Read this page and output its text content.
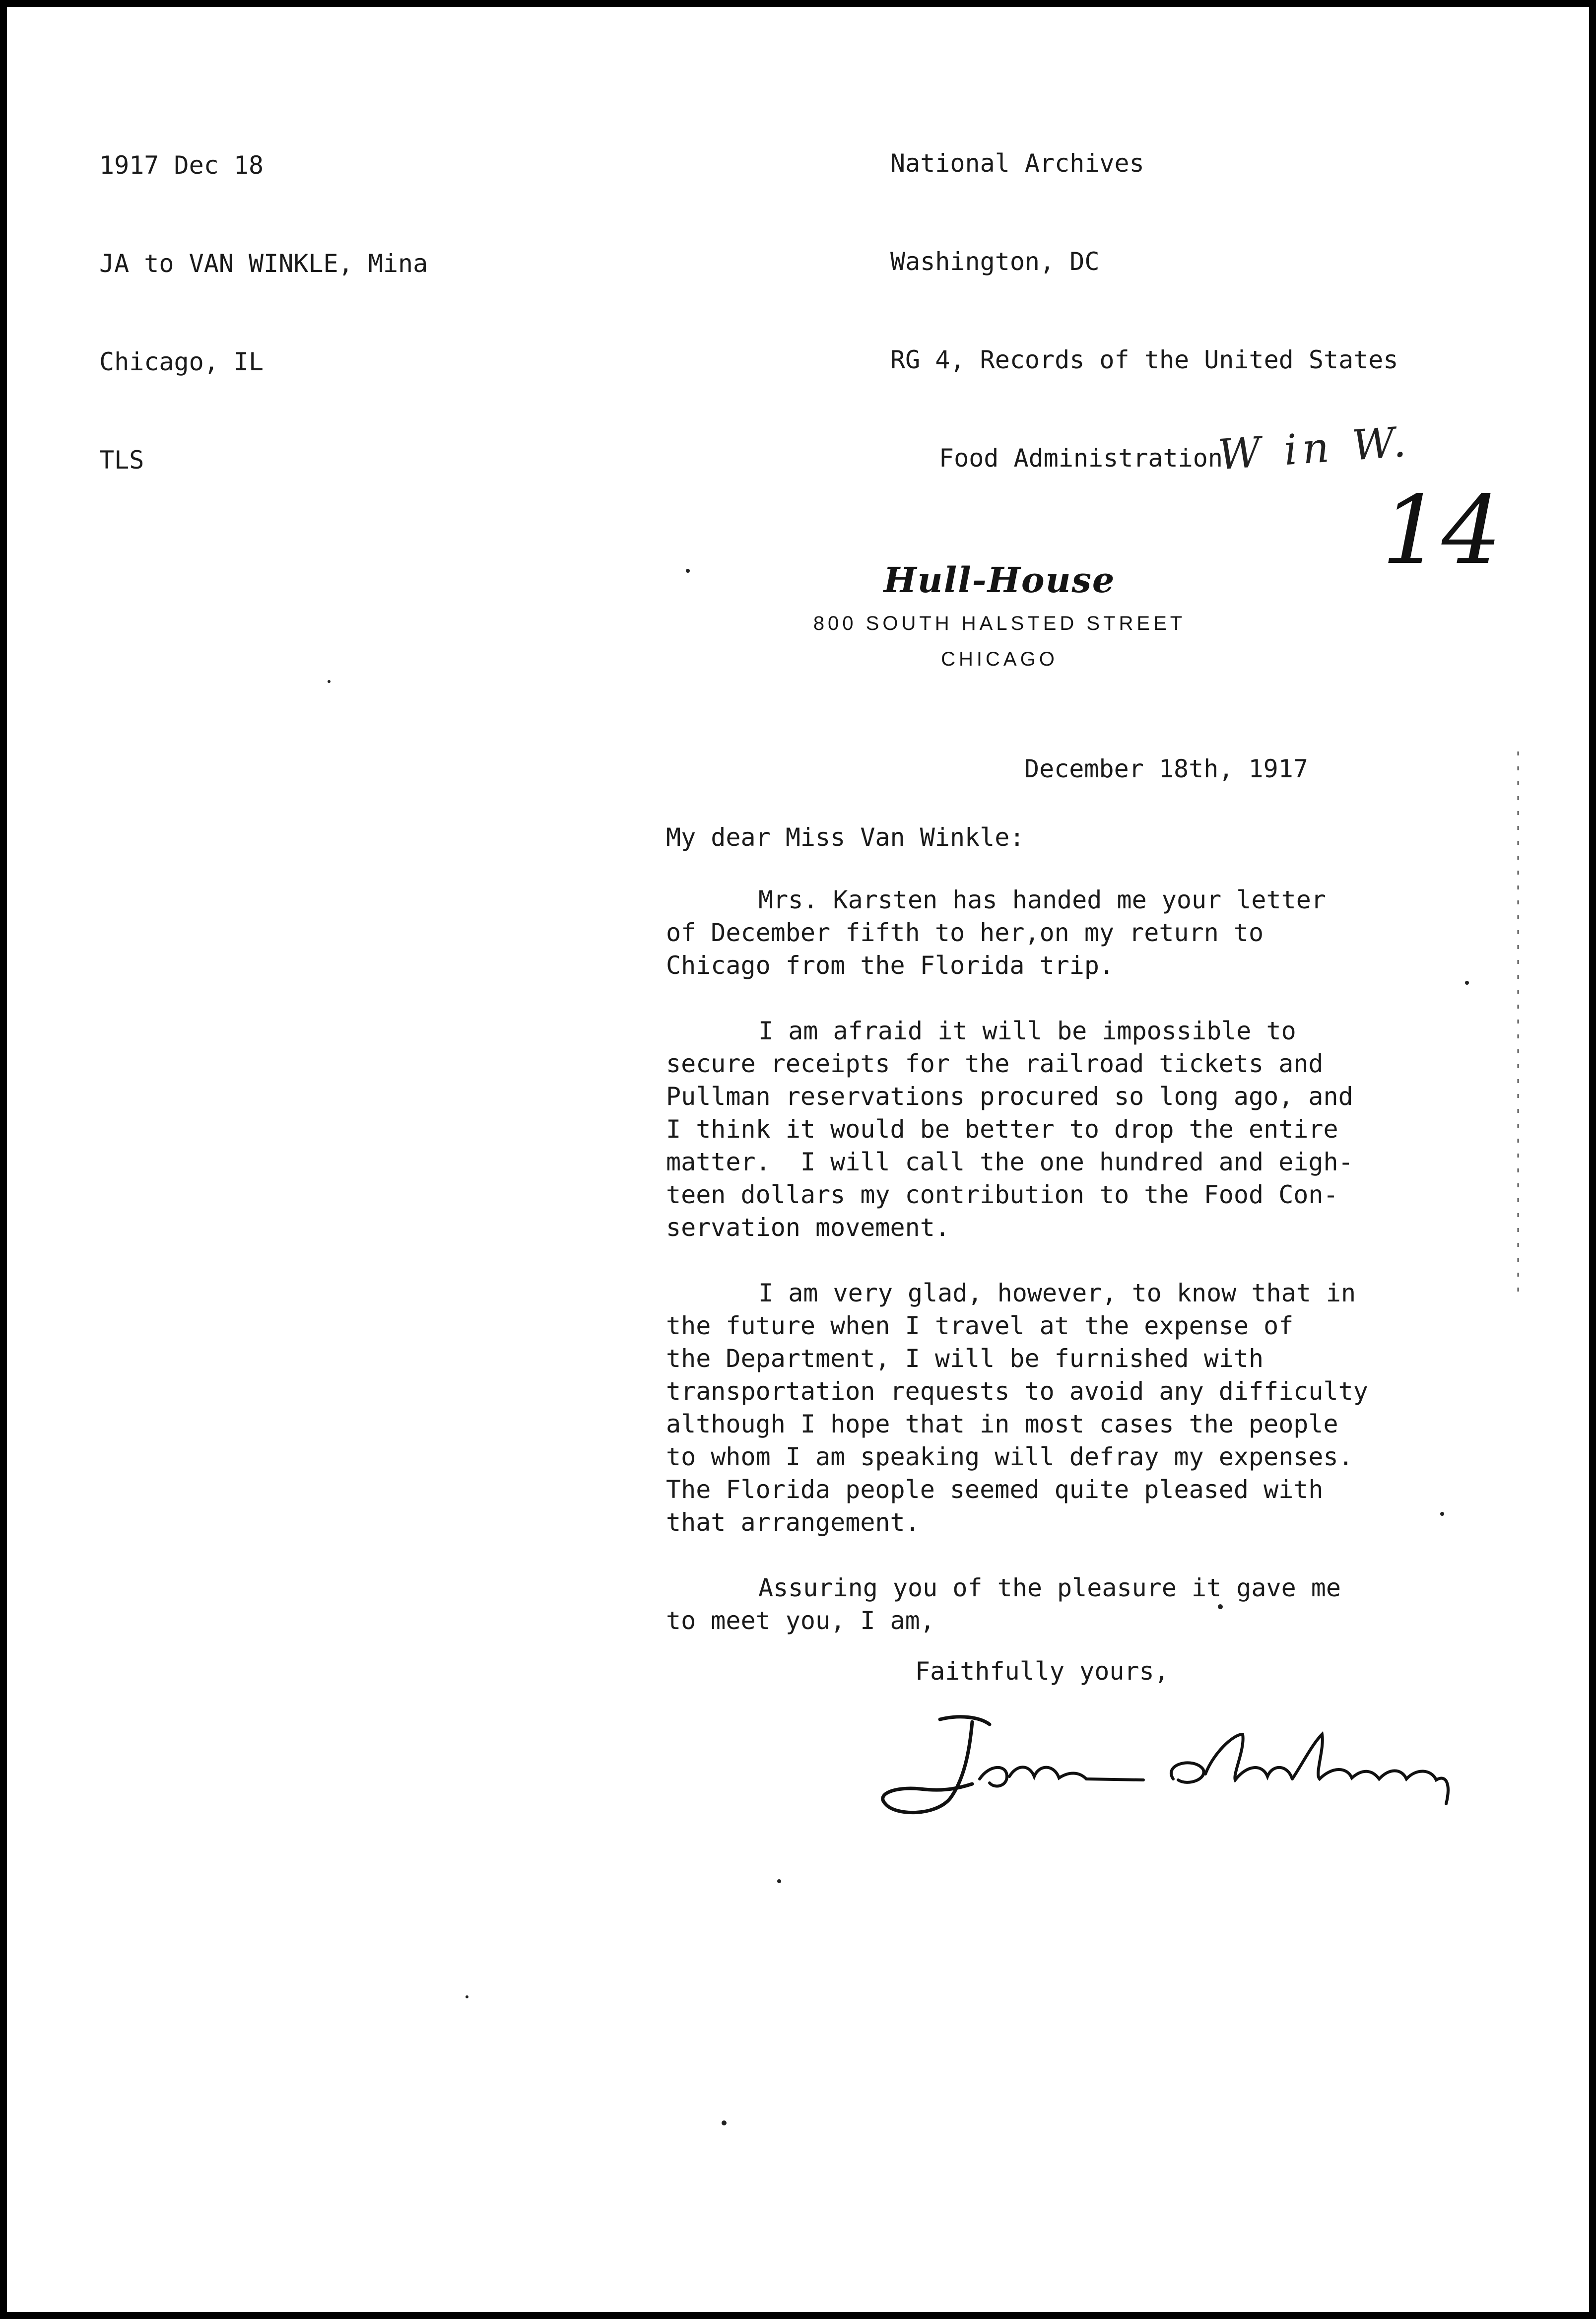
1917 Dec 18

JA to VAN WINKLE, Mina

Chicago, IL

TLS

National Archives

Washington, DC

RG 4, Records of the United States

Food Administration

W in W.
14
Hull-House
800 SOUTH HALSTED STREET
CHICAGO
December 18th, 1917
My dear Miss Van Winkle:
Mrs. Karsten has handed me your letter
of December fifth to her,on my return to
Chicago from the Florida trip.
I am afraid it will be impossible to
secure receipts for the railroad tickets and
Pullman reservations procured so long ago, and
I think it would be better to drop the entire
matter.  I will call the one hundred and eigh-
teen dollars my contribution to the Food Con-
servation movement.
I am very glad, however, to know that in
the future when I travel at the expense of
the Department, I will be furnished with
transportation requests to avoid any difficulty
although I hope that in most cases the people
to whom I am speaking will defray my expenses.
The Florida people seemed quite pleased with
that arrangement.
Assuring you of the pleasure it gave me
to meet you, I am,
Faithfully yours,
